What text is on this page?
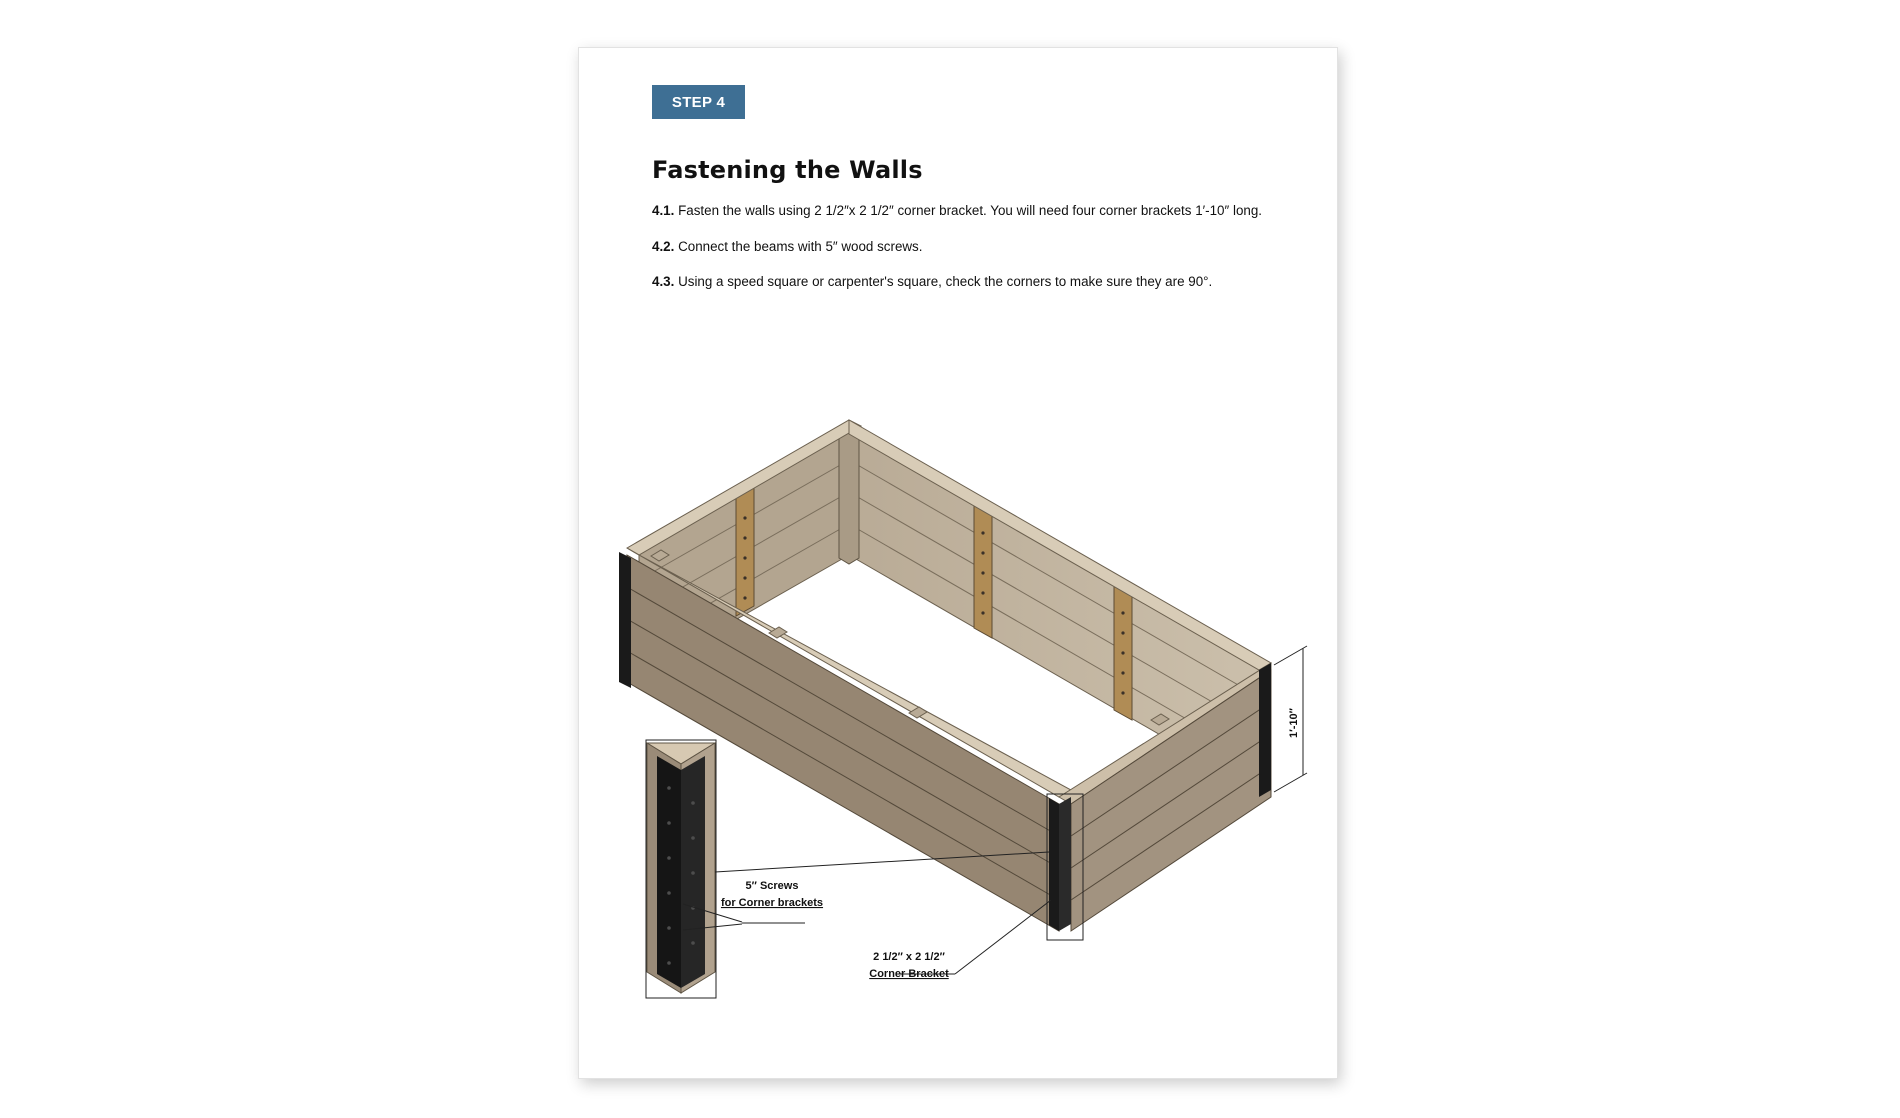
STEP 4
Fastening the Walls
4.1. Fasten the walls using 2 1/2″x 2 1/2″ corner bracket. You will need four corner brackets 1′-10″ long.
4.2. Connect the beams with 5″ wood screws.
4.3. Using a speed square or carpenter's square, check the corners to make sure they are 90°.
1′-10″
5″ Screws
for Corner brackets
2 1/2″ x 2 1/2″
Corner Bracket
